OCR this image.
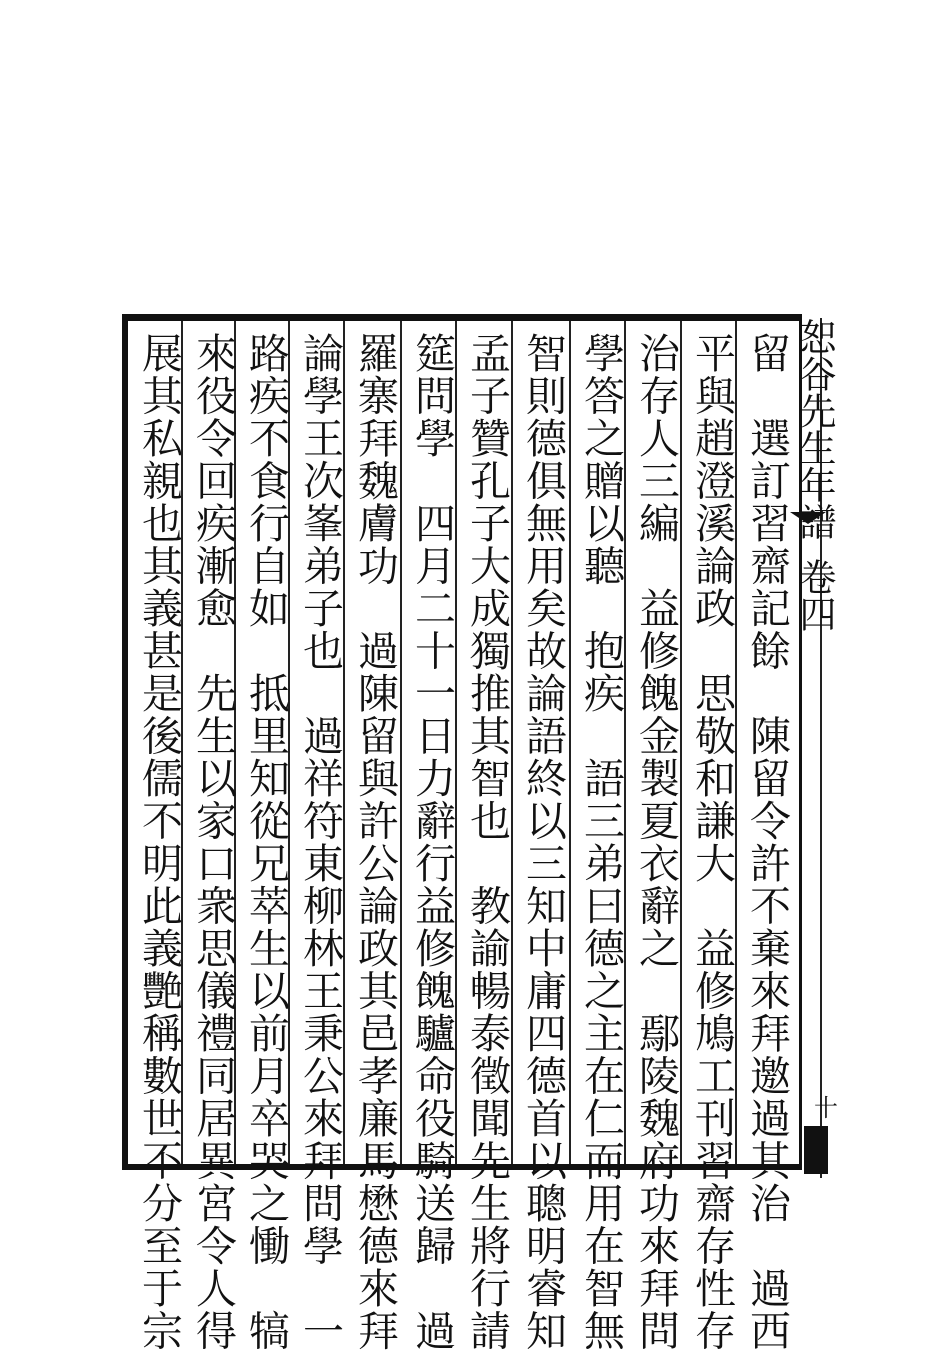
留　選訂習齋記餘　陳留令許不棄來拜邀過其治　過西
平與趙澄溪論政　思敬和謙大　益修鳩工刊習齋存性存
治存人三編　益修餽金製夏衣辭之　鄢陵魏府功來拜問
學答之贈以聽　抱疾　語三弟曰德之主在仁而用在智無
智則德俱無用矣故論語終以三知中庸四德首以聰明睿知
孟子贊孔子大成獨推其智也　教諭暢泰徵聞先生將行請
筵問學　四月二十一日力辭行益修餽驢命役騎送歸　過
羅寨拜魏膚功　過陳留與許公論政其邑孝廉馬懋德來拜
論學王次峯弟子也　過祥符東柳林王秉公來拜問學　一
路疾不食行自如　抵里知從兄萃生以前月卒哭之慟　犒
來役令回疾漸愈　先生以家口衆思儀禮同居異宮令人得
展其私親也其義甚是後儒不明此義艷稱數世不分至于宗	恕谷先生年譜卷四
十
